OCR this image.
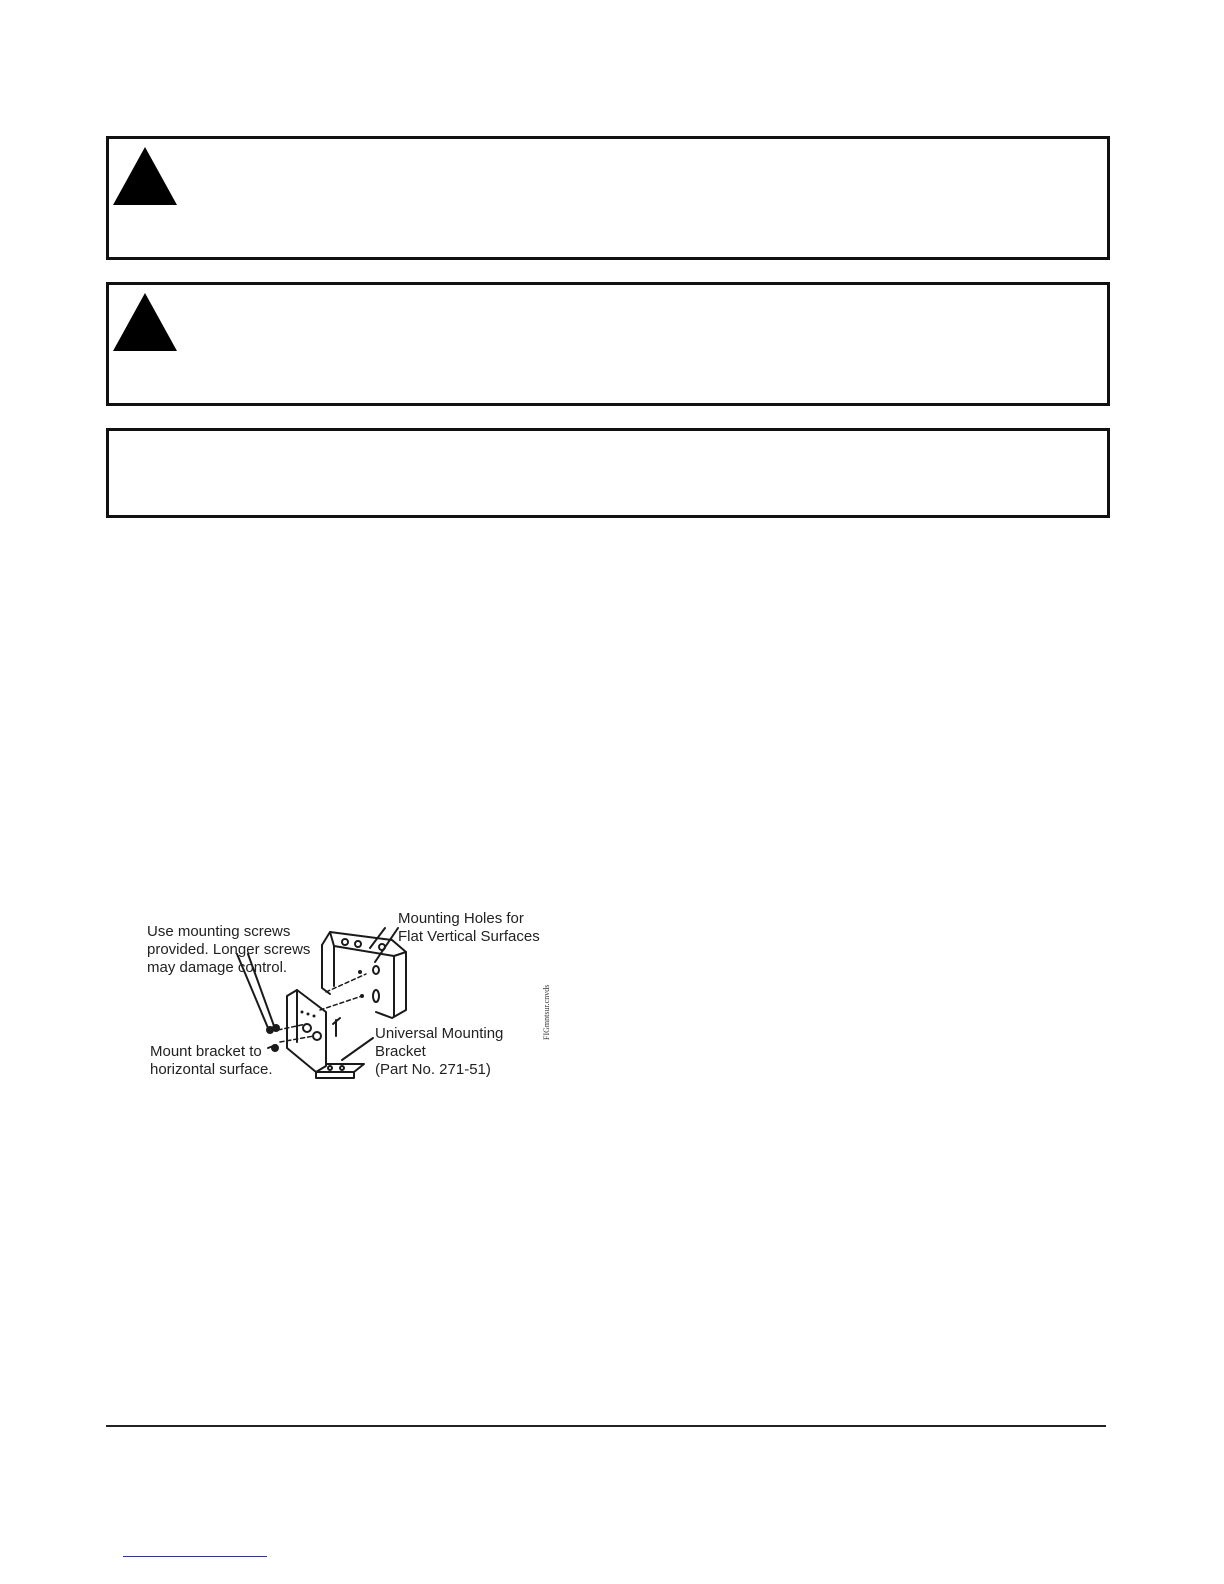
Use mounting screws
provided. Longer screws
may damage control.
Mounting Holes for
Flat Vertical Surfaces
Mount bracket to
horizontal surface.
Universal Mounting
Bracket
(Part No. 271-51)
FIGmntsur.cnvds
